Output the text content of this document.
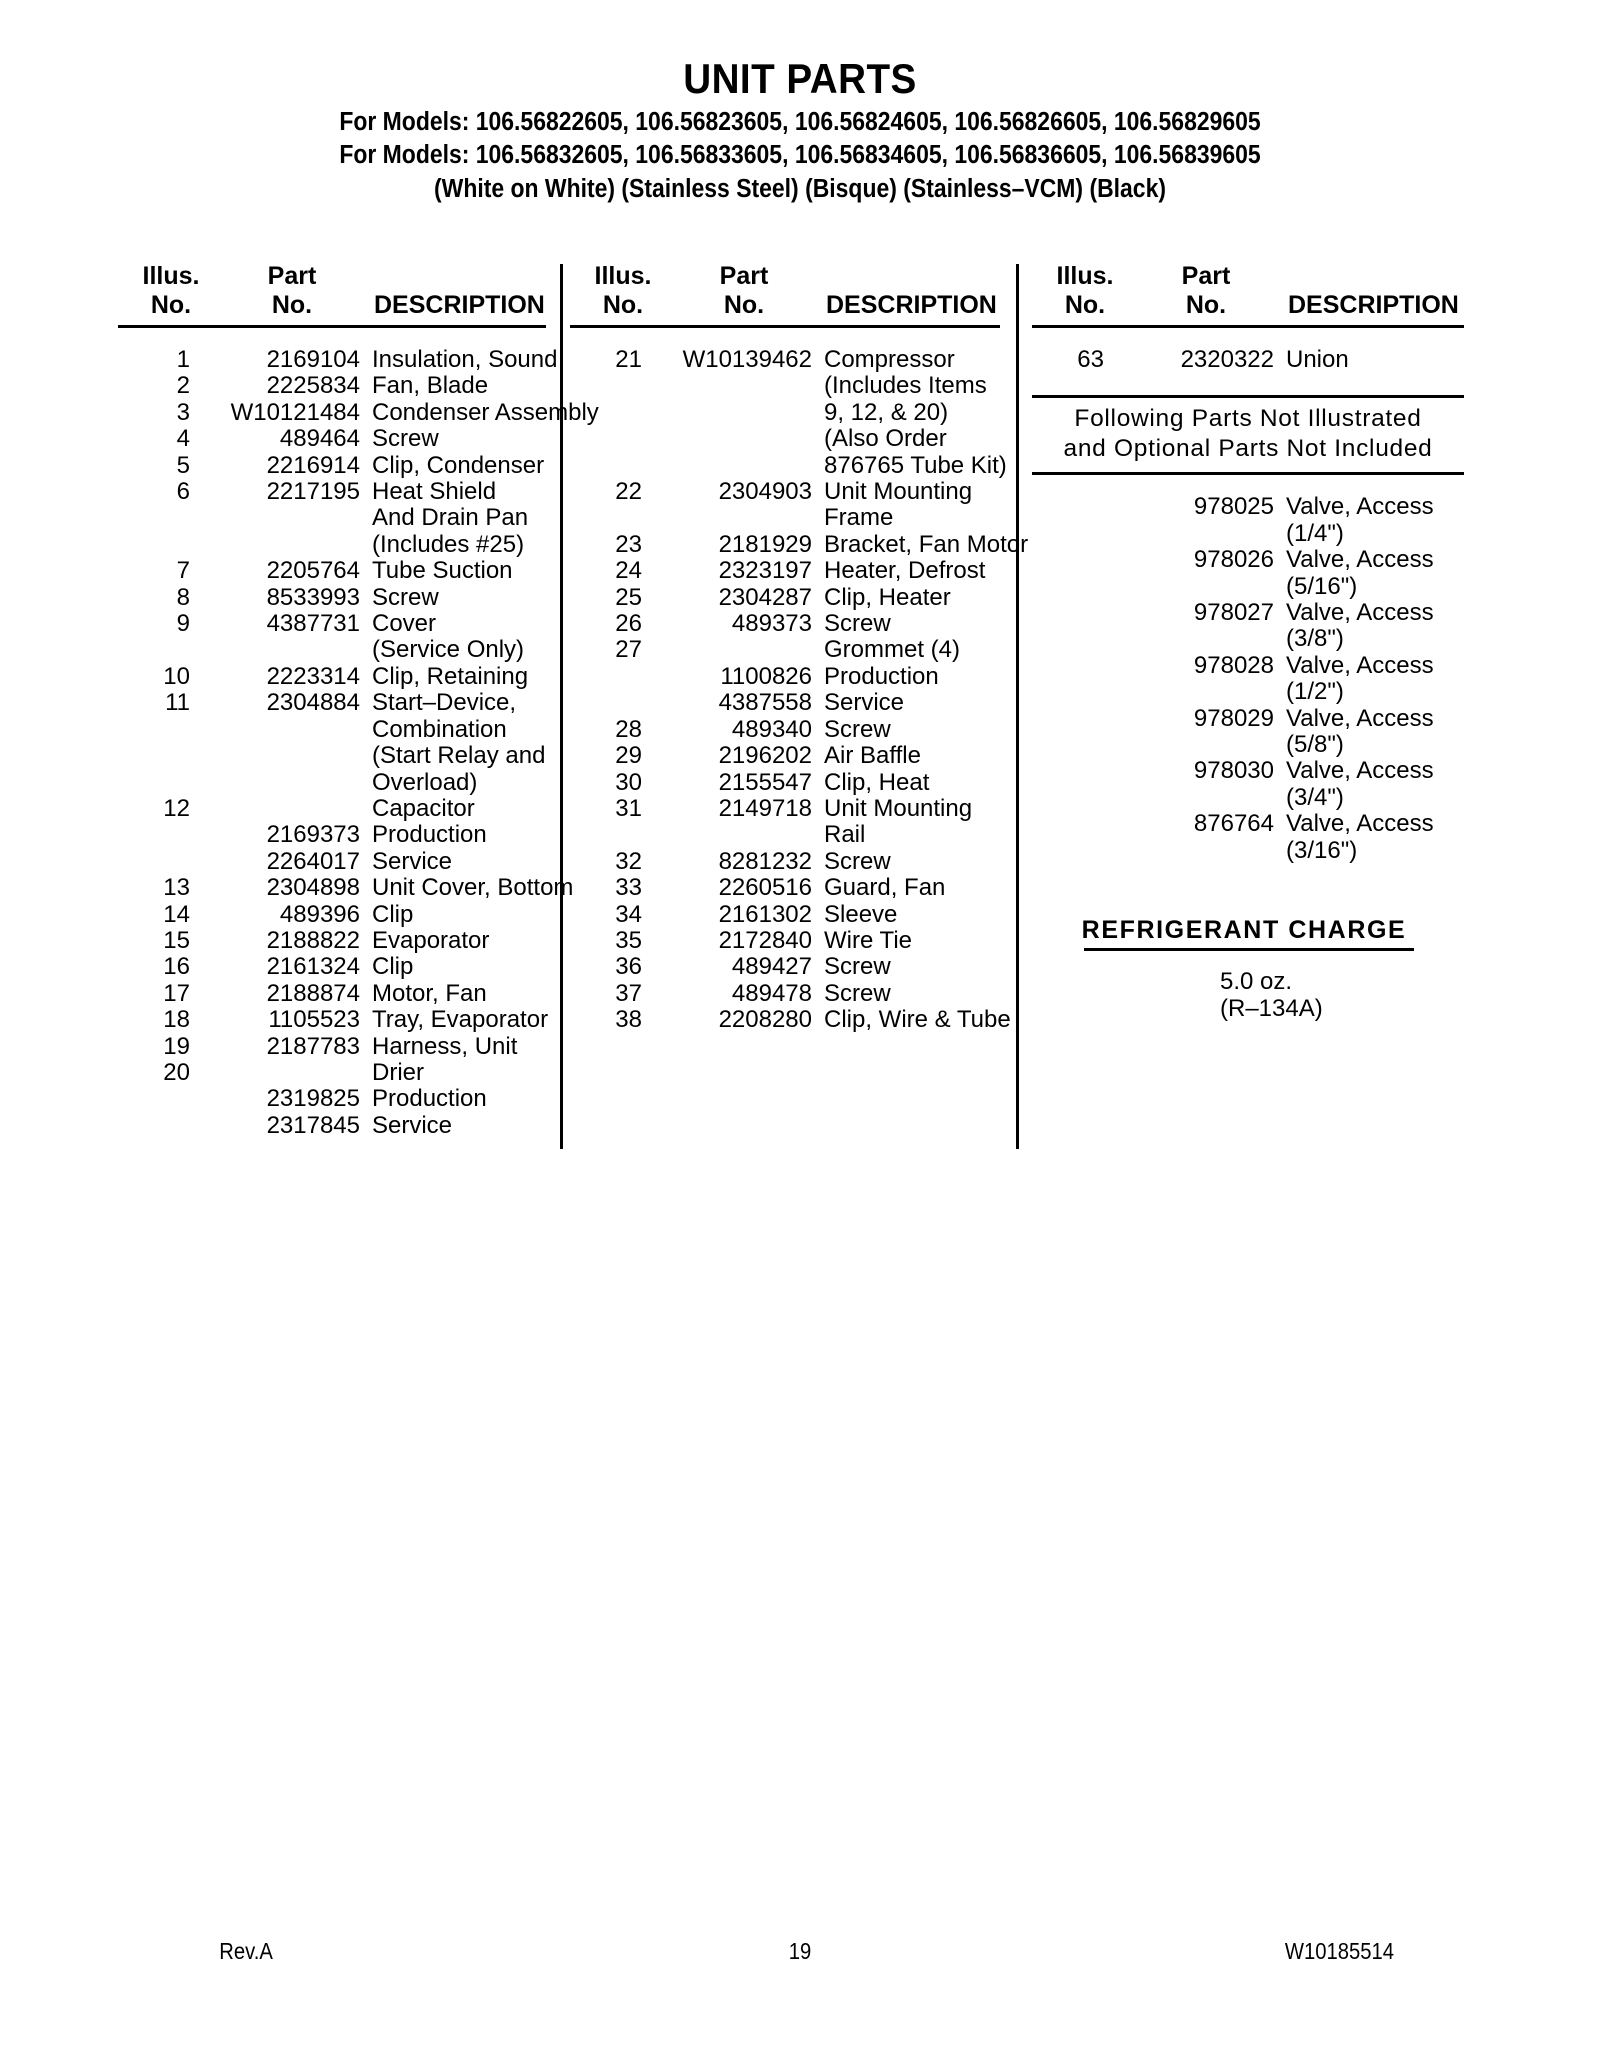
UNIT PARTS
For Models: 106.56822605, 106.56823605, 106.56824605, 106.56826605, 106.56829605
For Models: 106.56832605, 106.56833605, 106.56834605, 106.56836605, 106.56839605
(White on White) (Stainless Steel) (Bisque) (Stainless–VCM) (Black)
Illus.	Part
No.	No.	DESCRIPTION
1	2169104 Insulation, Sound
2	2225834 Fan, Blade
3	W10121484 Condenser Assembly
4	489464 Screw
5	2216914 Clip, Condenser
6	2217195 Heat Shield
And Drain Pan
(Includes #25)
7	2205764 Tube Suction
8	8533993 Screw
9	4387731 Cover
(Service Only)
10	2223314 Clip, Retaining
11	2304884 Start–Device,
Combination
(Start Relay and
Overload)
12	Capacitor
2169373 Production
2264017 Service
13	2304898 Unit Cover, Bottom
14	489396 Clip
15	2188822 Evaporator
16	2161324 Clip
17	2188874 Motor, Fan
18	1105523 Tray, Evaporator
19	2187783 Harness, Unit
20	Drier
2319825 Production
2317845 Service
Illus.	Part
No.	No.	DESCRIPTION
21	W10139462 Compressor
(Includes Items
9, 12, & 20)
(Also Order
876765 Tube Kit)
22	2304903 Unit Mounting
Frame
23	2181929 Bracket, Fan Motor
24	2323197 Heater, Defrost
25	2304287 Clip, Heater
26	489373 Screw
27	Grommet (4)
1100826 Production
4387558 Service
28	489340 Screw
29	2196202 Air Baffle
30	2155547 Clip, Heat
31	2149718 Unit Mounting
Rail
32	8281232 Screw
33	2260516 Guard, Fan
34	2161302 Sleeve
35	2172840 Wire Tie
36	489427 Screw
37	489478 Screw
38	2208280 Clip, Wire & Tube
Illus.	Part
No.	No.	DESCRIPTION
63	2320322 Union
Following Parts Not Illustrated
and Optional Parts Not Included
978025 Valve, Access
(1/4")
978026 Valve, Access
(5/16")
978027 Valve, Access
(3/8")
978028 Valve, Access
(1/2")
978029 Valve, Access
(5/8")
978030 Valve, Access
(3/4")
876764 Valve, Access
(3/16")
REFRIGERANT CHARGE
5.0 oz.
(R–134A)
Rev.A	19	W10185514
